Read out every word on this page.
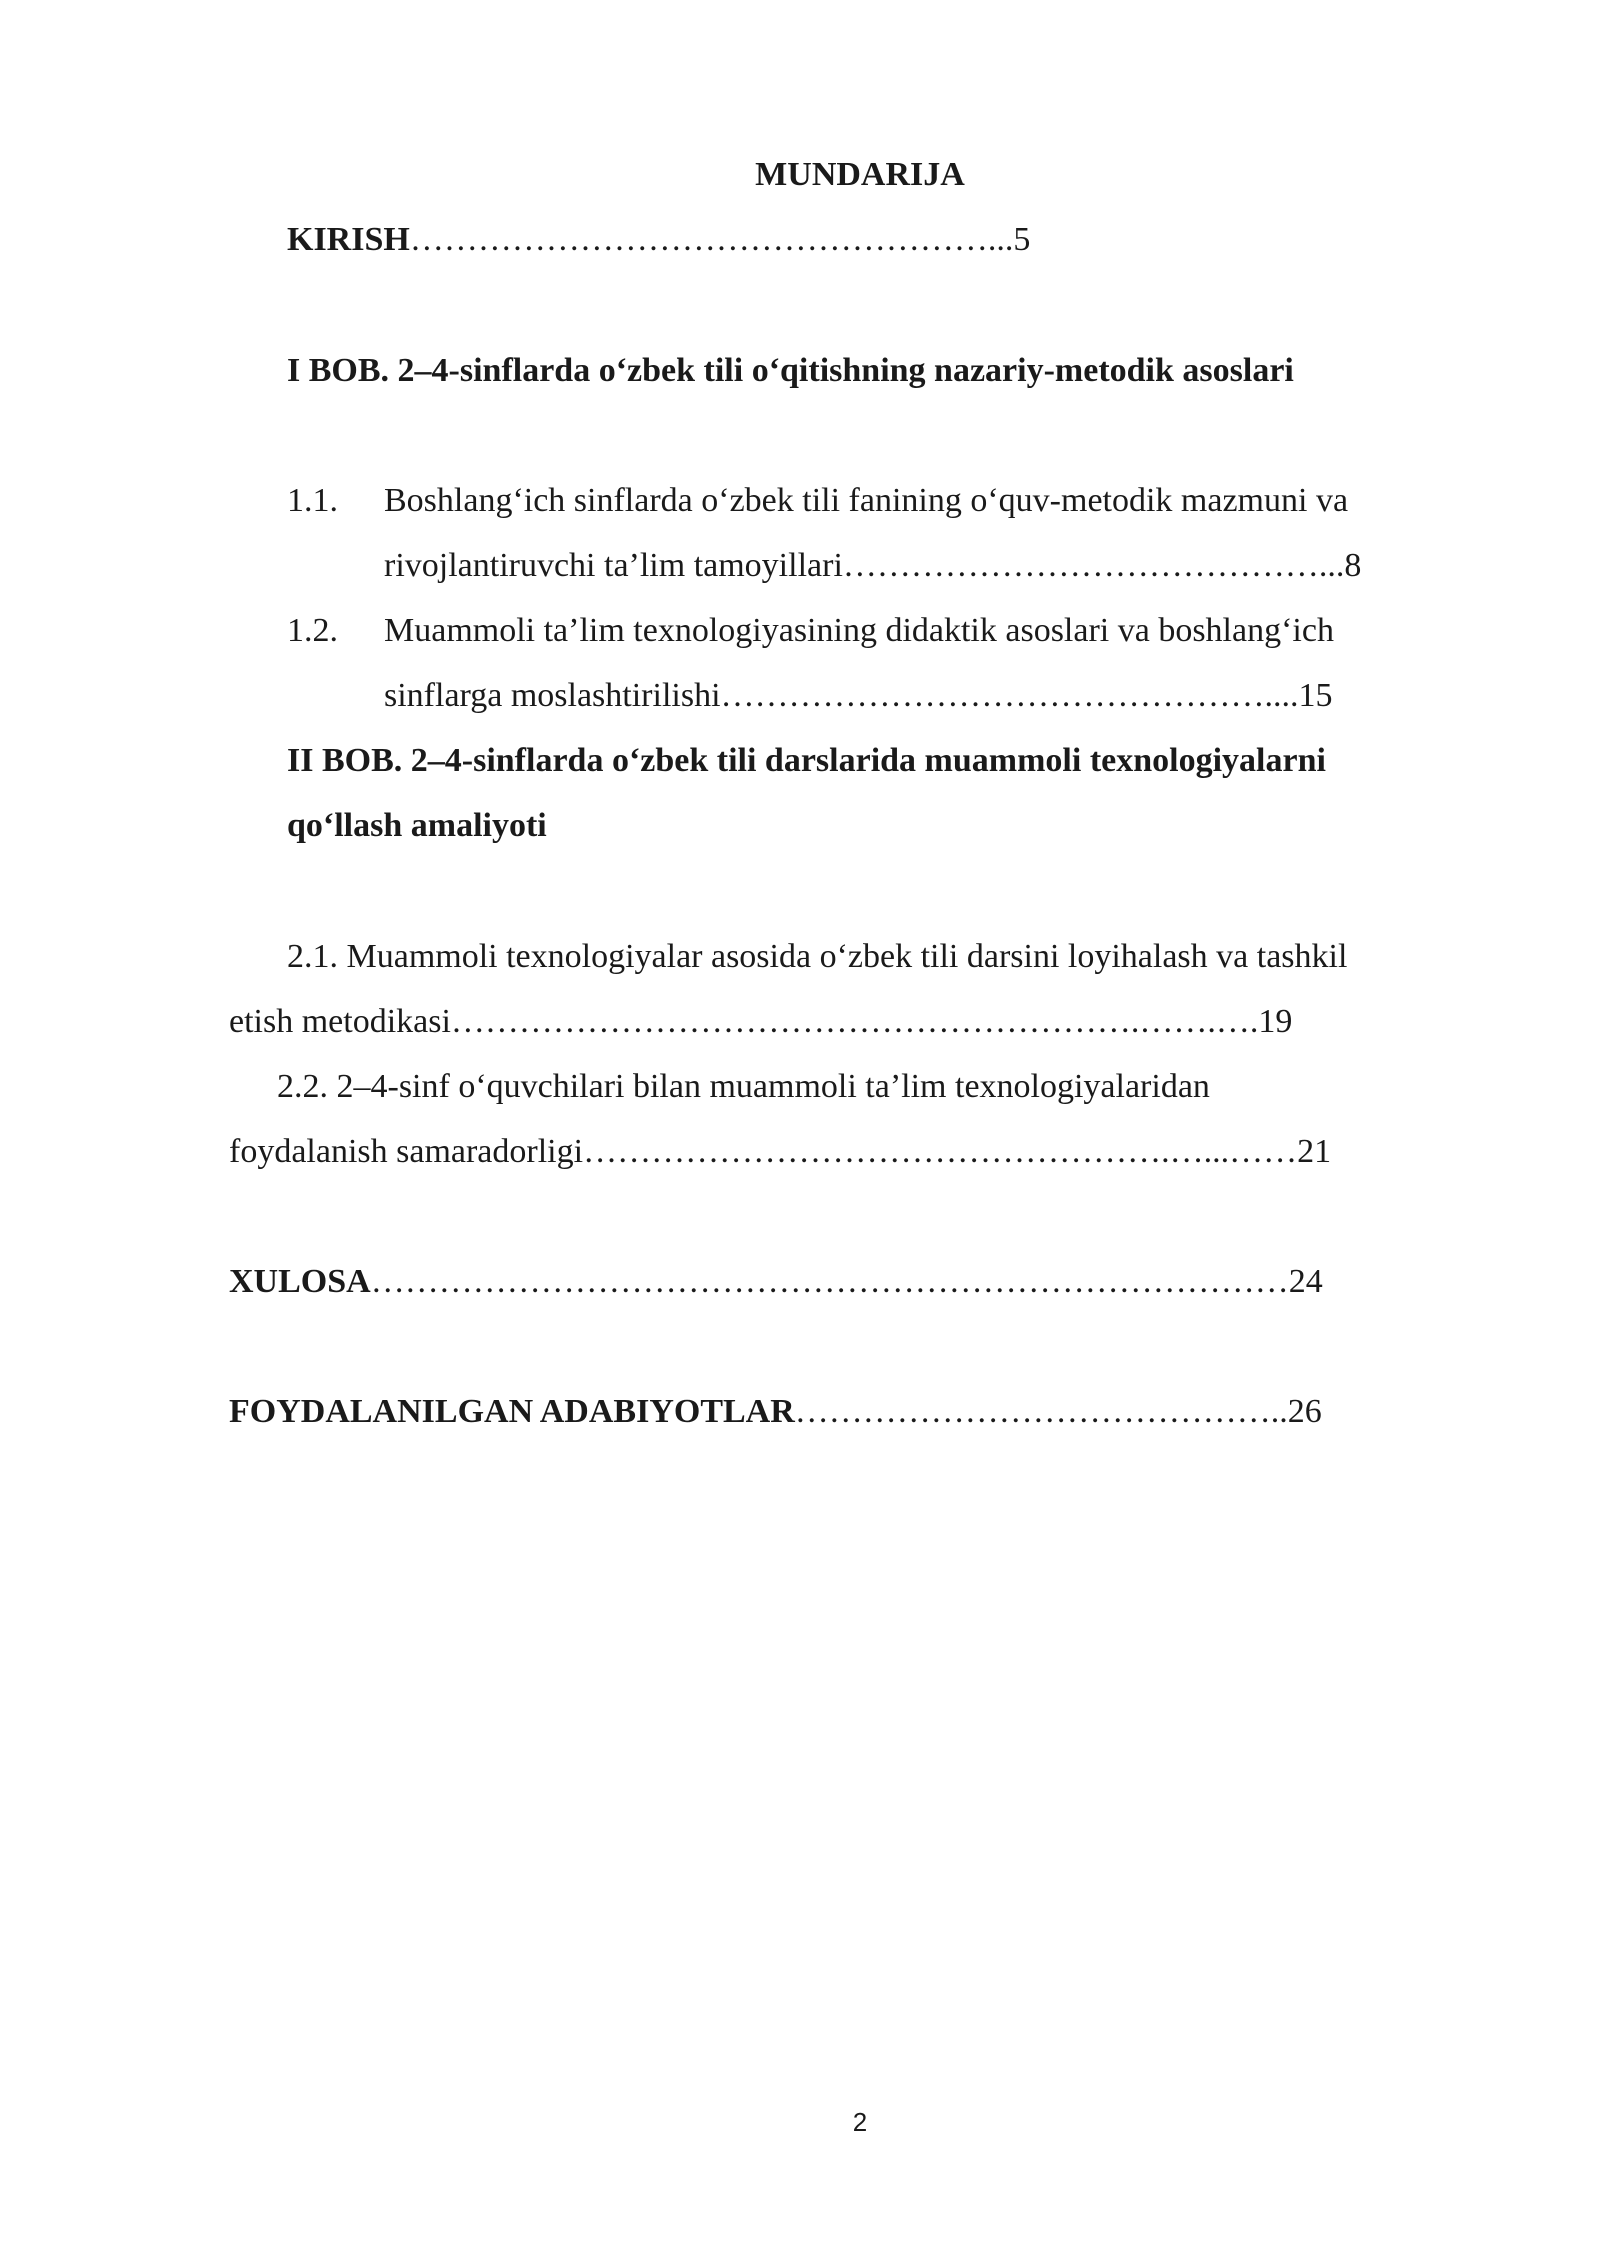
MUNDARIJA
KIRISH……………………………………………...5
I BOB. 2–4-sinflarda o‘zbek tili o‘qitishning nazariy-metodik asoslari
1.1. Boshlang‘ich sinflarda o‘zbek tili fanining o‘quv-metodik mazmuni va
rivojlantiruvchi ta’lim tamoyillari……………………………………...8
1.2. Muammoli ta’lim texnologiyasining didaktik asoslari va boshlang‘ich
sinflarga moslashtirilishi…………………………………………....15
II BOB. 2–4-sinflarda o‘zbek tili darslarida muammoli texnologiyalarni
qo‘llash amaliyoti
2.1. Muammoli texnologiyalar asosida o‘zbek tili darsini loyihalash va tashkil
etish metodikasi…………………………………………………….…….….19
2.2. 2–4-sinf o‘quvchilari bilan muammoli ta’lim texnologiyalaridan
foydalanish samaradorligi…………………………………………….…...……21
XULOSA………………………………………………………………………24
FOYDALANILGAN ADABIYOTLAR……………………………………..26
2
